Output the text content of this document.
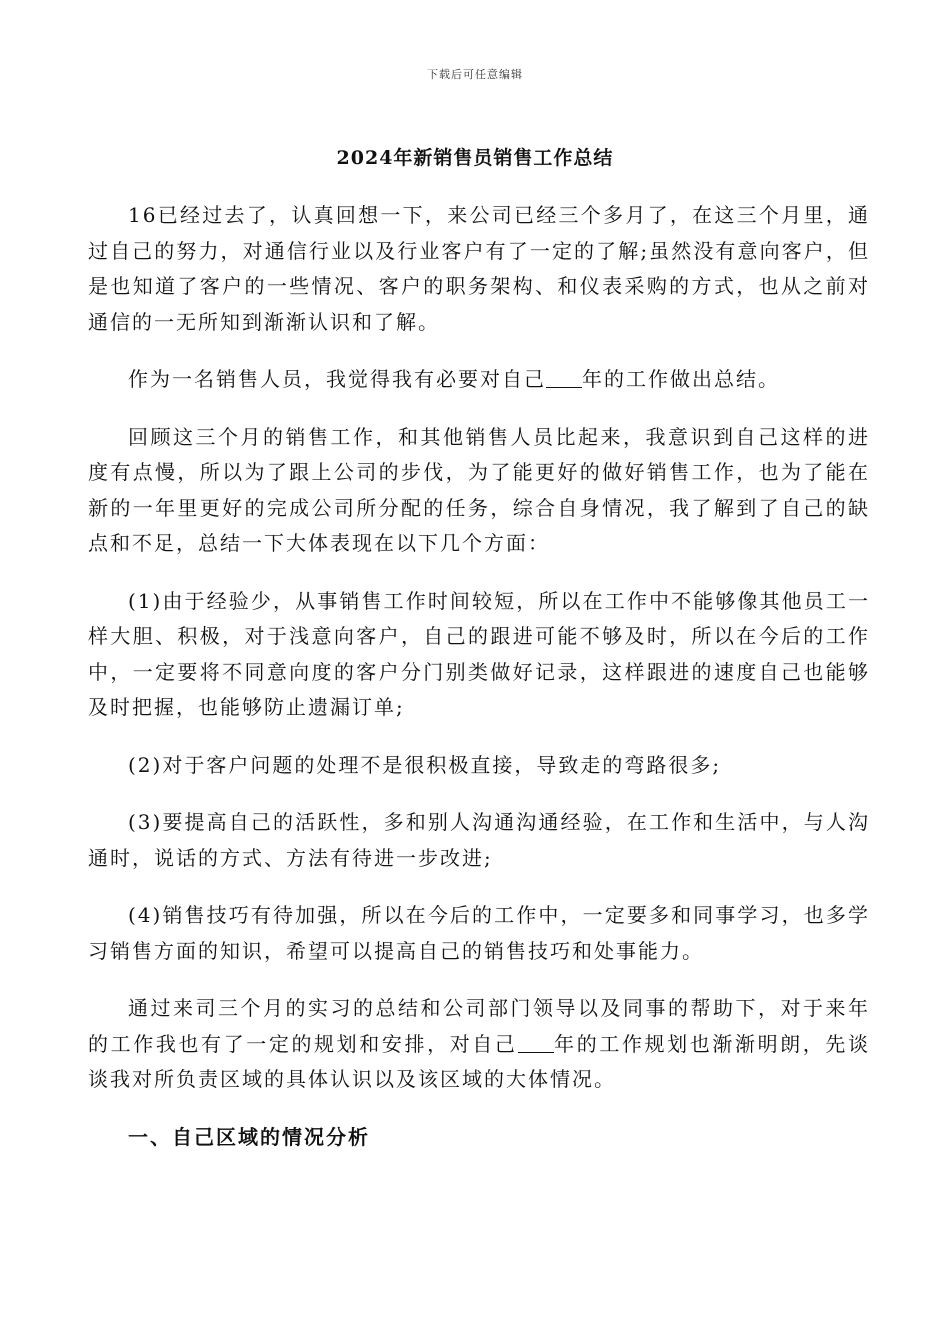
下载后可任意编辑
2024年新销售员销售工作总结

16已经过去了，认真回想一下，来公司已经三个多月了，在这三个月里，通过自己的努力，对通信行业以及行业客户有了一定的了解;虽然没有意向客户，但是也知道了客户的一些情况、客户的职务架构、和仪表采购的方式，也从之前对通信的一无所知到渐渐认识和了解。

作为一名销售人员，我觉得我有必要对自己 年的工作做出总结。

回顾这三个月的销售工作，和其他销售人员比起来，我意识到自己这样的进度有点慢，所以为了跟上公司的步伐，为了能更好的做好销售工作，也为了能在新的一年里更好的完成公司所分配的任务，综合自身情况，我了解到了自己的缺点和不足，总结一下大体表现在以下几个方面：

(1)由于经验少，从事销售工作时间较短，所以在工作中不能够像其他员工一样大胆、积极，对于浅意向客户，自己的跟进可能不够及时，所以在今后的工作中，一定要将不同意向度的客户分门别类做好记录，这样跟进的速度自己也能够及时把握，也能够防止遗漏订单;

(2)对于客户问题的处理不是很积极直接，导致走的弯路很多;

(3)要提高自己的活跃性，多和别人沟通沟通经验，在工作和生活中，与人沟通时，说话的方式、方法有待进一步改进;

(4)销售技巧有待加强，所以在今后的工作中，一定要多和同事学习，也多学习销售方面的知识，希望可以提高自己的销售技巧和处事能力。

通过来司三个月的实习的总结和公司部门领导以及同事的帮助下，对于来年的工作我也有了一定的规划和安排，对自己 年的工作规划也渐渐明朗，先谈谈我对所负责区域的具体认识以及该区域的大体情况。

一、自己区域的情况分析
